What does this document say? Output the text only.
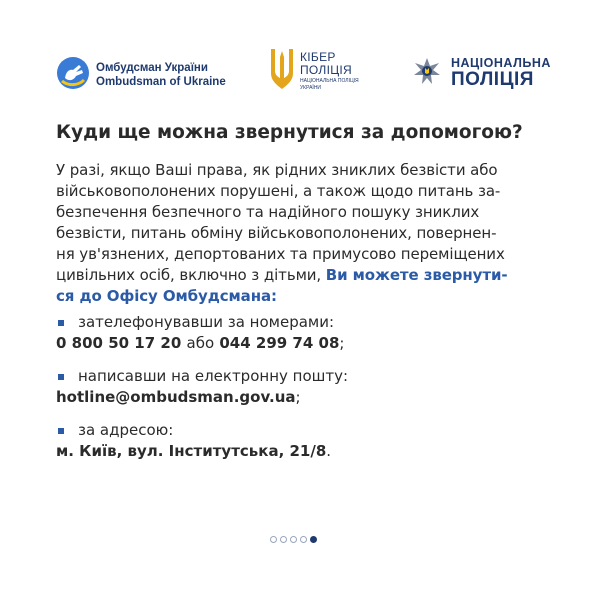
Омбудсман України
Ombudsman of Ukraine
КІБЕР
ПОЛІЦІЯ
НАЦІОНАЛЬНА ПОЛІЦІЯ
УКРАЇНИ
НАЦІОНАЛЬНА
ПОЛІЦІЯ
Куди ще можна звернутися за допомогою?

У разі, якщо Ваші права, як рідних зниклих безвісти або
військовополонених порушені, а також щодо питань за-
безпечення безпечного та надійного пошуку зниклих
безвісти, питань обміну військовополонених, повернен-
ня ув'язнених, депортованих та примусово переміщених
цивільних осіб, включно з дітьми, Ви можете звернути-
ся до Офісу Омбудсмана:

зателефонувавши за номерами:
0 800 50 17 20 або 044 299 74 08;
написавши на електронну пошту:
hotline@ombudsman.gov.ua;
за адресою:
м. Київ, вул. Інститутська, 21/8.
